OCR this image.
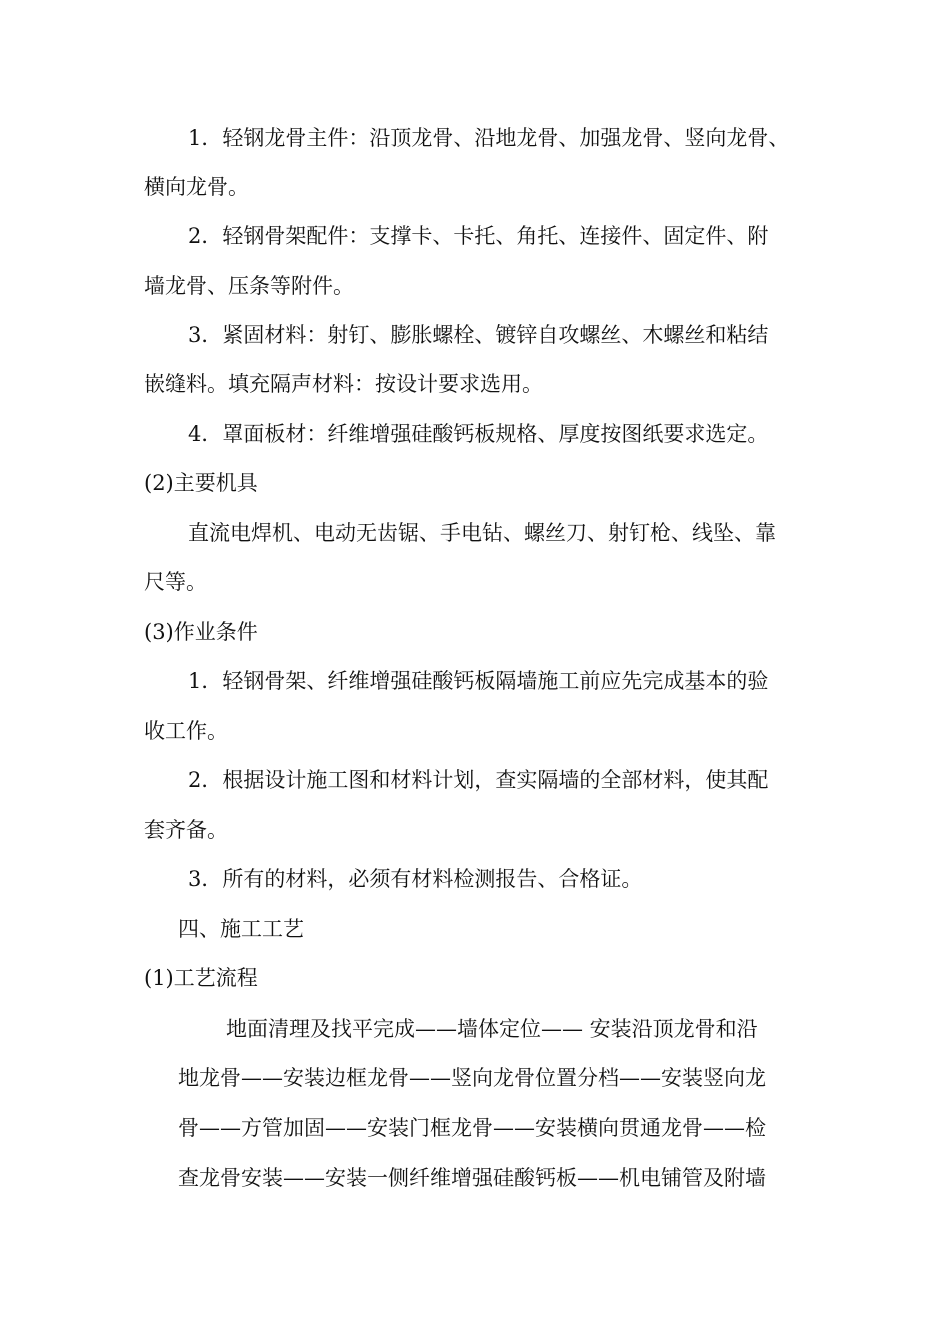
1．轻钢龙骨主件：沿顶龙骨、沿地龙骨、加强龙骨、竖向龙骨、
横向龙骨。
2．轻钢骨架配件：支撑卡、卡托、角托、连接件、固定件、附
墙龙骨、压条等附件。
3．紧固材料：射钉、膨胀螺栓、镀锌自攻螺丝、木螺丝和粘结
嵌缝料。填充隔声材料：按设计要求选用。
4．罩面板材：纤维增强硅酸钙板规格、厚度按图纸要求选定。
(2)主要机具
直流电焊机、电动无齿锯、手电钻、螺丝刀、射钉枪、线坠、靠
尺等。
(3)作业条件
1．轻钢骨架、纤维增强硅酸钙板隔墙施工前应先完成基本的验
收工作。
2．根据设计施工图和材料计划，查实隔墙的全部材料，使其配
套齐备。
3．所有的材料，必须有材料检测报告、合格证。
四、施工工艺
(1)工艺流程
地面清理及找平完成——墙体定位—— 安装沿顶龙骨和沿
地龙骨——安装边框龙骨——竖向龙骨位置分档——安装竖向龙
骨——方管加固——安装门框龙骨——安装横向贯通龙骨——检
查龙骨安装——安装一侧纤维增强硅酸钙板——机电铺管及附墙
